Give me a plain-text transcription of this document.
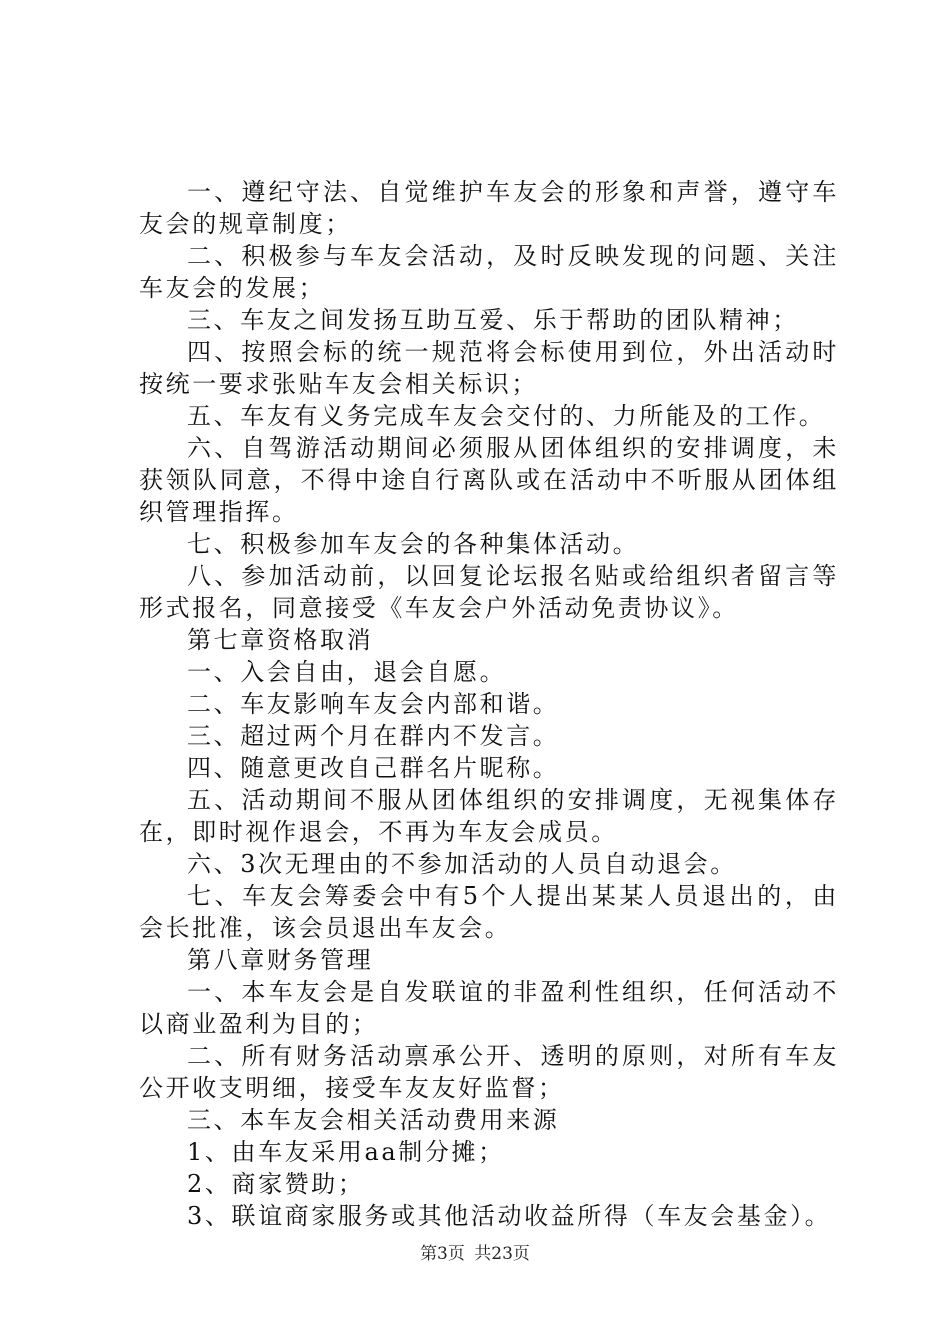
一、遵纪守法、自觉维护车友会的形象和声誉，遵守车友会的规章制度；

二、积极参与车友会活动，及时反映发现的问题、关注车友会的发展；

三、车友之间发扬互助互爱、乐于帮助的团队精神；

四、按照会标的统一规范将会标使用到位，外出活动时按统一要求张贴车友会相关标识；

五、车友有义务完成车友会交付的、力所能及的工作。

六、自驾游活动期间必须服从团体组织的安排调度，未获领队同意，不得中途自行离队或在活动中不听服从团体组织管理指挥。

七、积极参加车友会的各种集体活动。

八、参加活动前，以回复论坛报名贴或给组织者留言等形式报名，同意接受《车友会户外活动免责协议》。

第七章资格取消

一、入会自由，退会自愿。

二、车友影响车友会内部和谐。

三、超过两个月在群内不发言。

四、随意更改自己群名片昵称。

五、活动期间不服从团体组织的安排调度，无视集体存在，即时视作退会，不再为车友会成员。

六、3次无理由的不参加活动的人员自动退会。

七、车友会筹委会中有5个人提出某某人员退出的，由会长批准，该会员退出车友会。

第八章财务管理

一、本车友会是自发联谊的非盈利性组织，任何活动不以商业盈利为目的；

二、所有财务活动禀承公开、透明的原则，对所有车友公开收支明细，接受车友友好监督；

三、本车友会相关活动费用来源

1、由车友采用aa制分摊；

2、商家赞助；

3、联谊商家服务或其他活动收益所得（车友会基金）。

第3页 共23页
